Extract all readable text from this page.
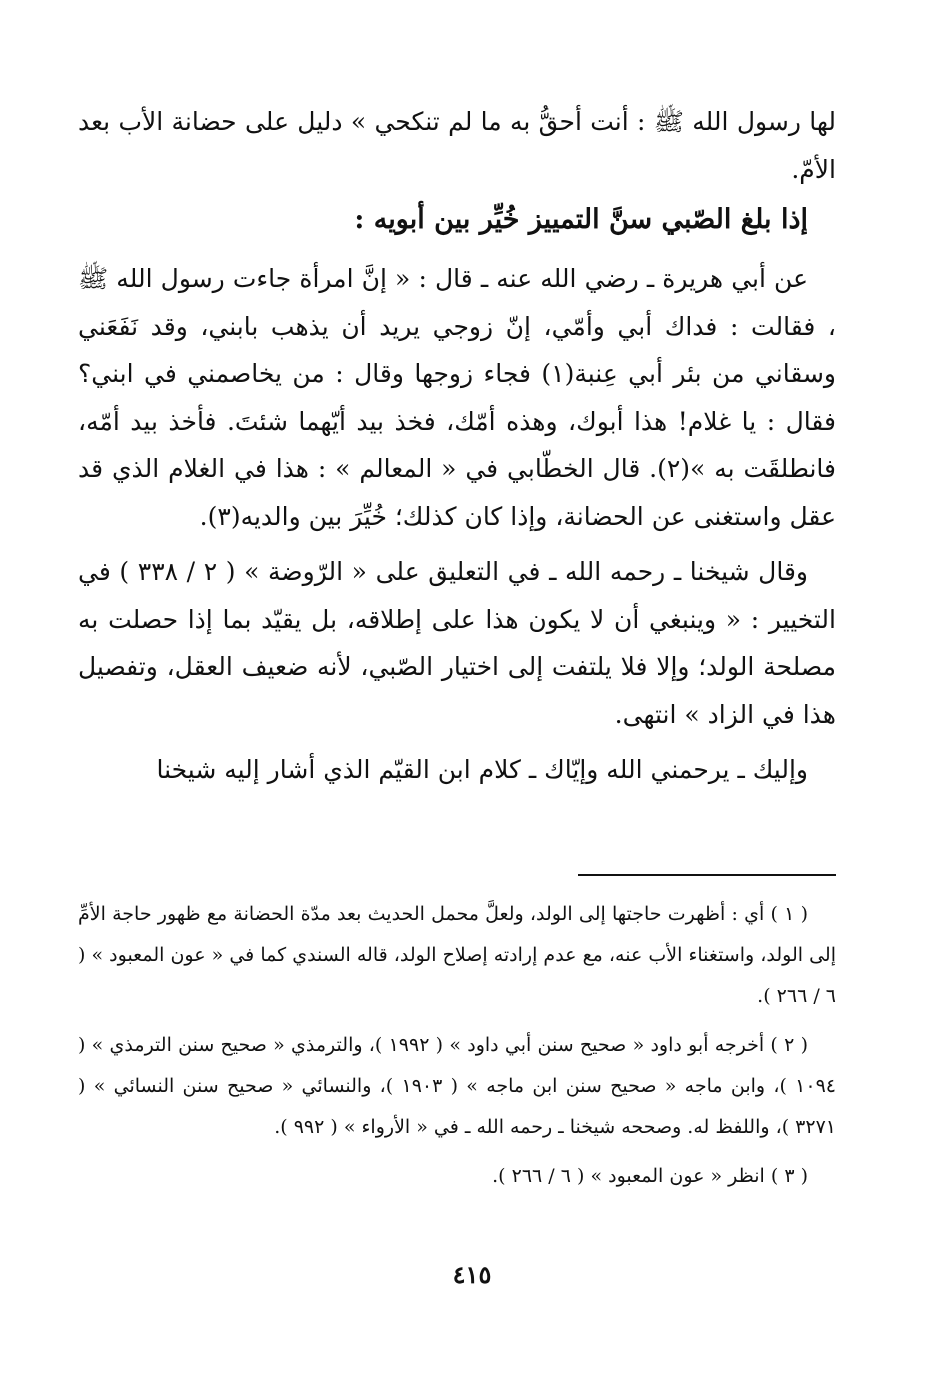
لها رسول الله ﷺ : أنت أحقُّ به ما لم تنكحي » دليل على حضانة الأب بعد الأمّ.

إذا بلغ الصّبي سنَّ التمييز خُيِّر بين أبويه :

عن أبي هريرة ـ رضي الله عنه ـ قال : « إنَّ امرأة جاءت رسول الله ﷺ ، فقالت : فداك أبي وأمّي، إنّ زوجي يريد أن يذهب بابني، وقد نَفَعَني وسقاني من بئر أبي عِنبة(١) فجاء زوجها وقال : من يخاصمني في ابني؟ فقال : يا غلام! هذا أبوك، وهذه أمّك، فخذ بيد أيّهما شئتَ. فأخذ بيد أمّه، فانطلقَت به »(٢). قال الخطّابي في « المعالم » : هذا في الغلام الذي قد عقل واستغنى عن الحضانة، وإذا كان كذلك؛ خُيِّرَ بين والديه(٣).

وقال شيخنا ـ رحمه الله ـ في التعليق على « الرّوضة » ( ٢ / ٣٣٨ ) في التخيير : « وينبغي أن لا يكون هذا على إطلاقه، بل يقيّد بما إذا حصلت به مصلحة الولد؛ وإلا فلا يلتفت إلى اختيار الصّبي، لأنه ضعيف العقل، وتفصيل هذا في الزاد » انتهى.

وإليك ـ يرحمني الله وإيّاك ـ كلام ابن القيّم الذي أشار إليه شيخنا

( ١ ) أي : أظهرت حاجتها إلى الولد، ولعلَّ محمل الحديث بعد مدّة الحضانة مع ظهور حاجة الأمِّ إلى الولد، واستغناء الأب عنه، مع عدم إرادته إصلاح الولد، قاله السندي كما في « عون المعبود » ( ٦ / ٢٦٦ ).

( ٢ ) أخرجه أبو داود « صحيح سنن أبي داود » ( ١٩٩٢ )، والترمذي « صحيح سنن الترمذي » ( ١٠٩٤ )، وابن ماجه « صحيح سنن ابن ماجه » ( ١٩٠٣ )، والنسائي « صحيح سنن النسائي » ( ٣٢٧١ )، واللفظ له. وصححه شيخنا ـ رحمه الله ـ في « الأرواء » ( ٩٩٢ ).

( ٣ ) انظر « عون المعبود » ( ٦ / ٢٦٦ ).

٤١٥
